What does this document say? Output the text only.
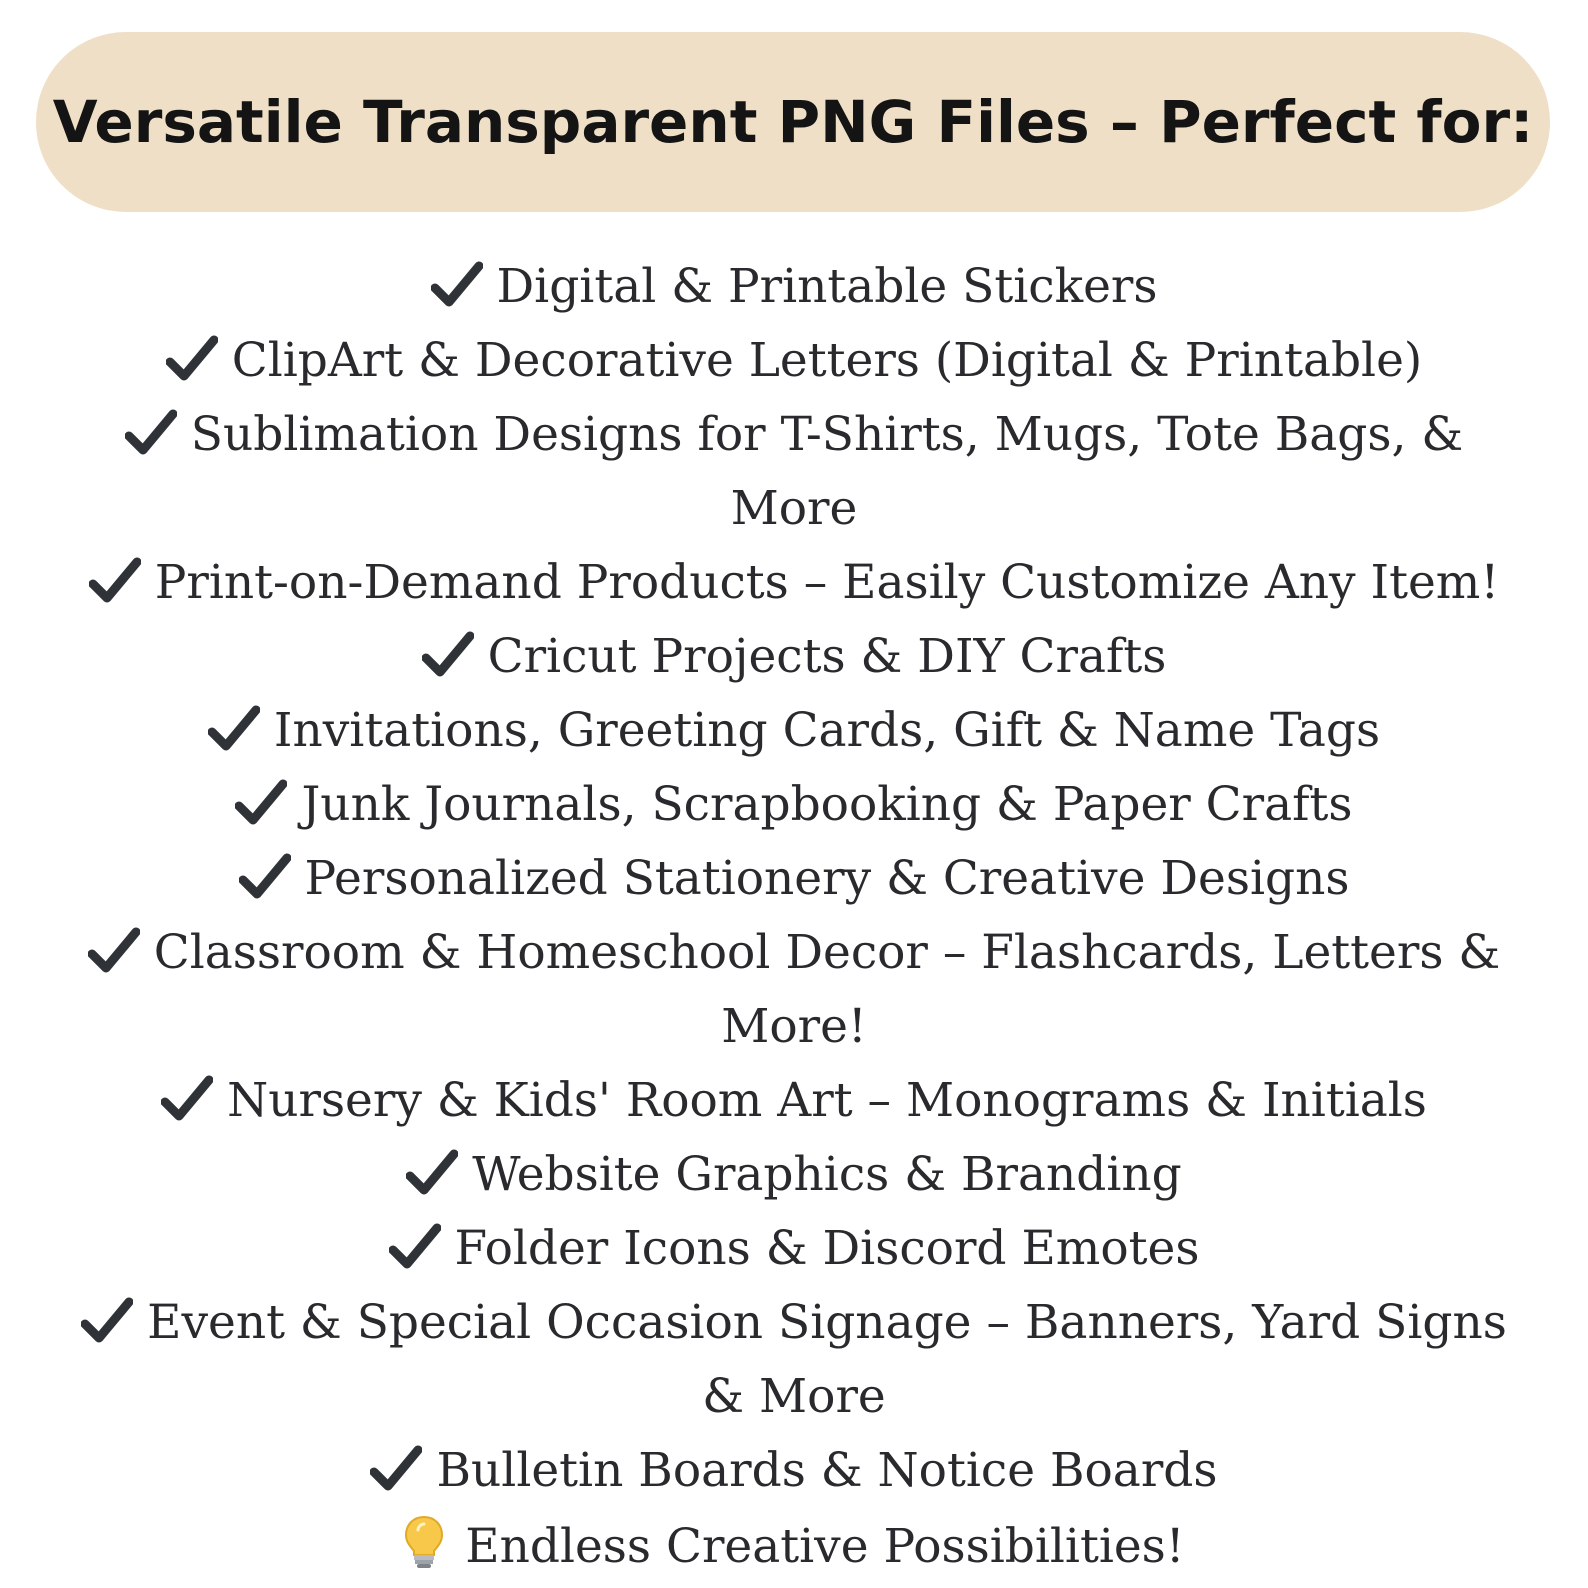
Versatile Transparent PNG Files – Perfect for:
Digital & Printable Stickers
ClipArt & Decorative Letters (Digital & Printable)
Sublimation Designs for T-Shirts, Mugs, Tote Bags, & More
Print-on-Demand Products – Easily Customize Any Item!
Cricut Projects & DIY Crafts
Invitations, Greeting Cards, Gift & Name Tags
Junk Journals, Scrapbooking & Paper Crafts
Personalized Stationery & Creative Designs
Classroom & Homeschool Decor – Flashcards, Letters & More!
Nursery & Kids' Room Art – Monograms & Initials
Website Graphics & Branding
Folder Icons & Discord Emotes
Event & Special Occasion Signage – Banners, Yard Signs & More
Bulletin Boards & Notice Boards
Endless Creative Possibilities!
